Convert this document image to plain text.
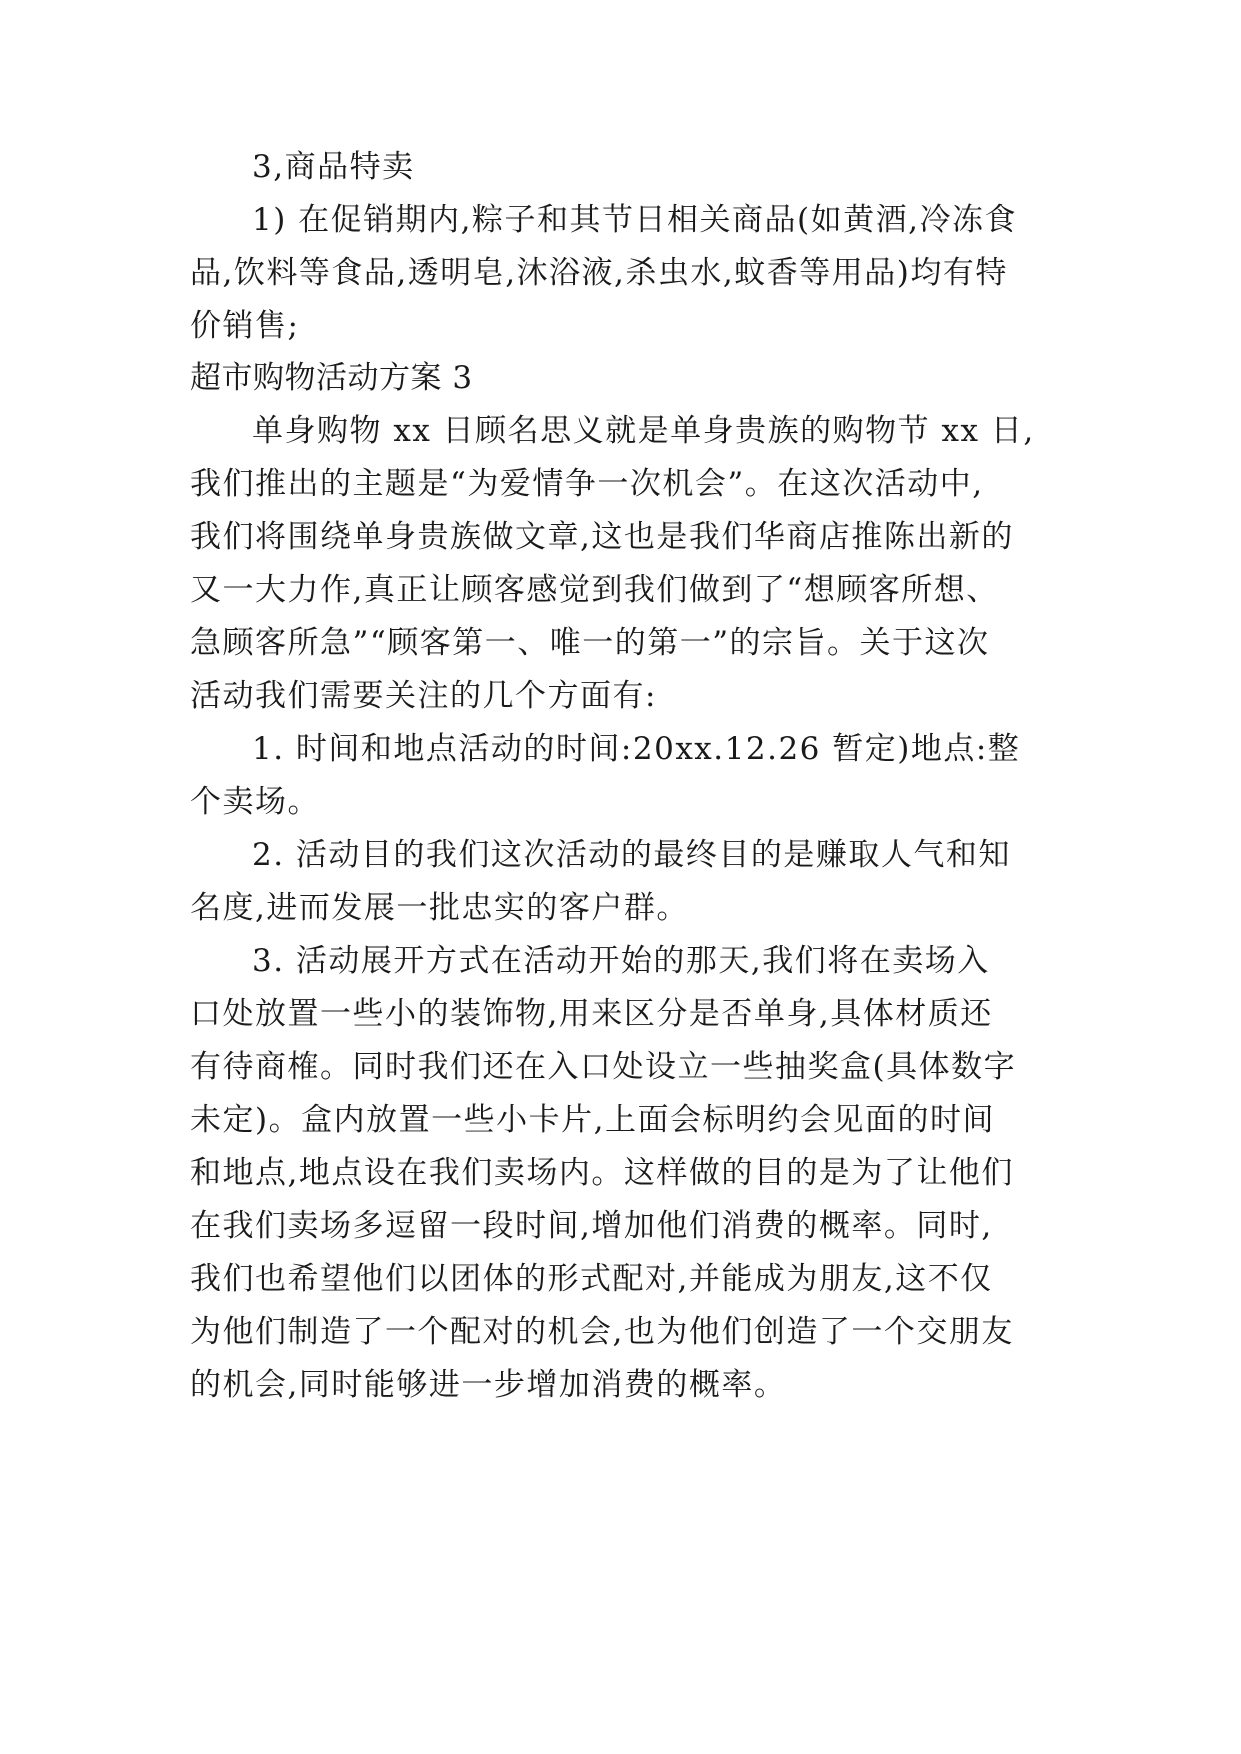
3,商品特卖

1) 在促销期内,粽子和其节日相关商品(如黄酒,冷冻食

品,饮料等食品,透明皂,沐浴液,杀虫水,蚊香等用品)均有特

价销售;

超市购物活动方案 3

单身购物 xx 日顾名思义就是单身贵族的购物节 xx 日,

我们推出的主题是“为爱情争一次机会”。在这次活动中,

我们将围绕单身贵族做文章,这也是我们华商店推陈出新的

又一大力作,真正让顾客感觉到我们做到了“想顾客所想、

急顾客所急”“顾客第一、唯一的第一”的宗旨。关于这次

活动我们需要关注的几个方面有:

1. 时间和地点活动的时间:20xx.12.26 暂定)地点:整

个卖场。

2. 活动目的我们这次活动的最终目的是赚取人气和知

名度,进而发展一批忠实的客户群。

3. 活动展开方式在活动开始的那天,我们将在卖场入

口处放置一些小的装饰物,用来区分是否单身,具体材质还

有待商榷。同时我们还在入口处设立一些抽奖盒(具体数字

未定)。盒内放置一些小卡片,上面会标明约会见面的时间

和地点,地点设在我们卖场内。这样做的目的是为了让他们

在我们卖场多逗留一段时间,增加他们消费的概率。同时,

我们也希望他们以团体的形式配对,并能成为朋友,这不仅

为他们制造了一个配对的机会,也为他们创造了一个交朋友

的机会,同时能够进一步增加消费的概率。
